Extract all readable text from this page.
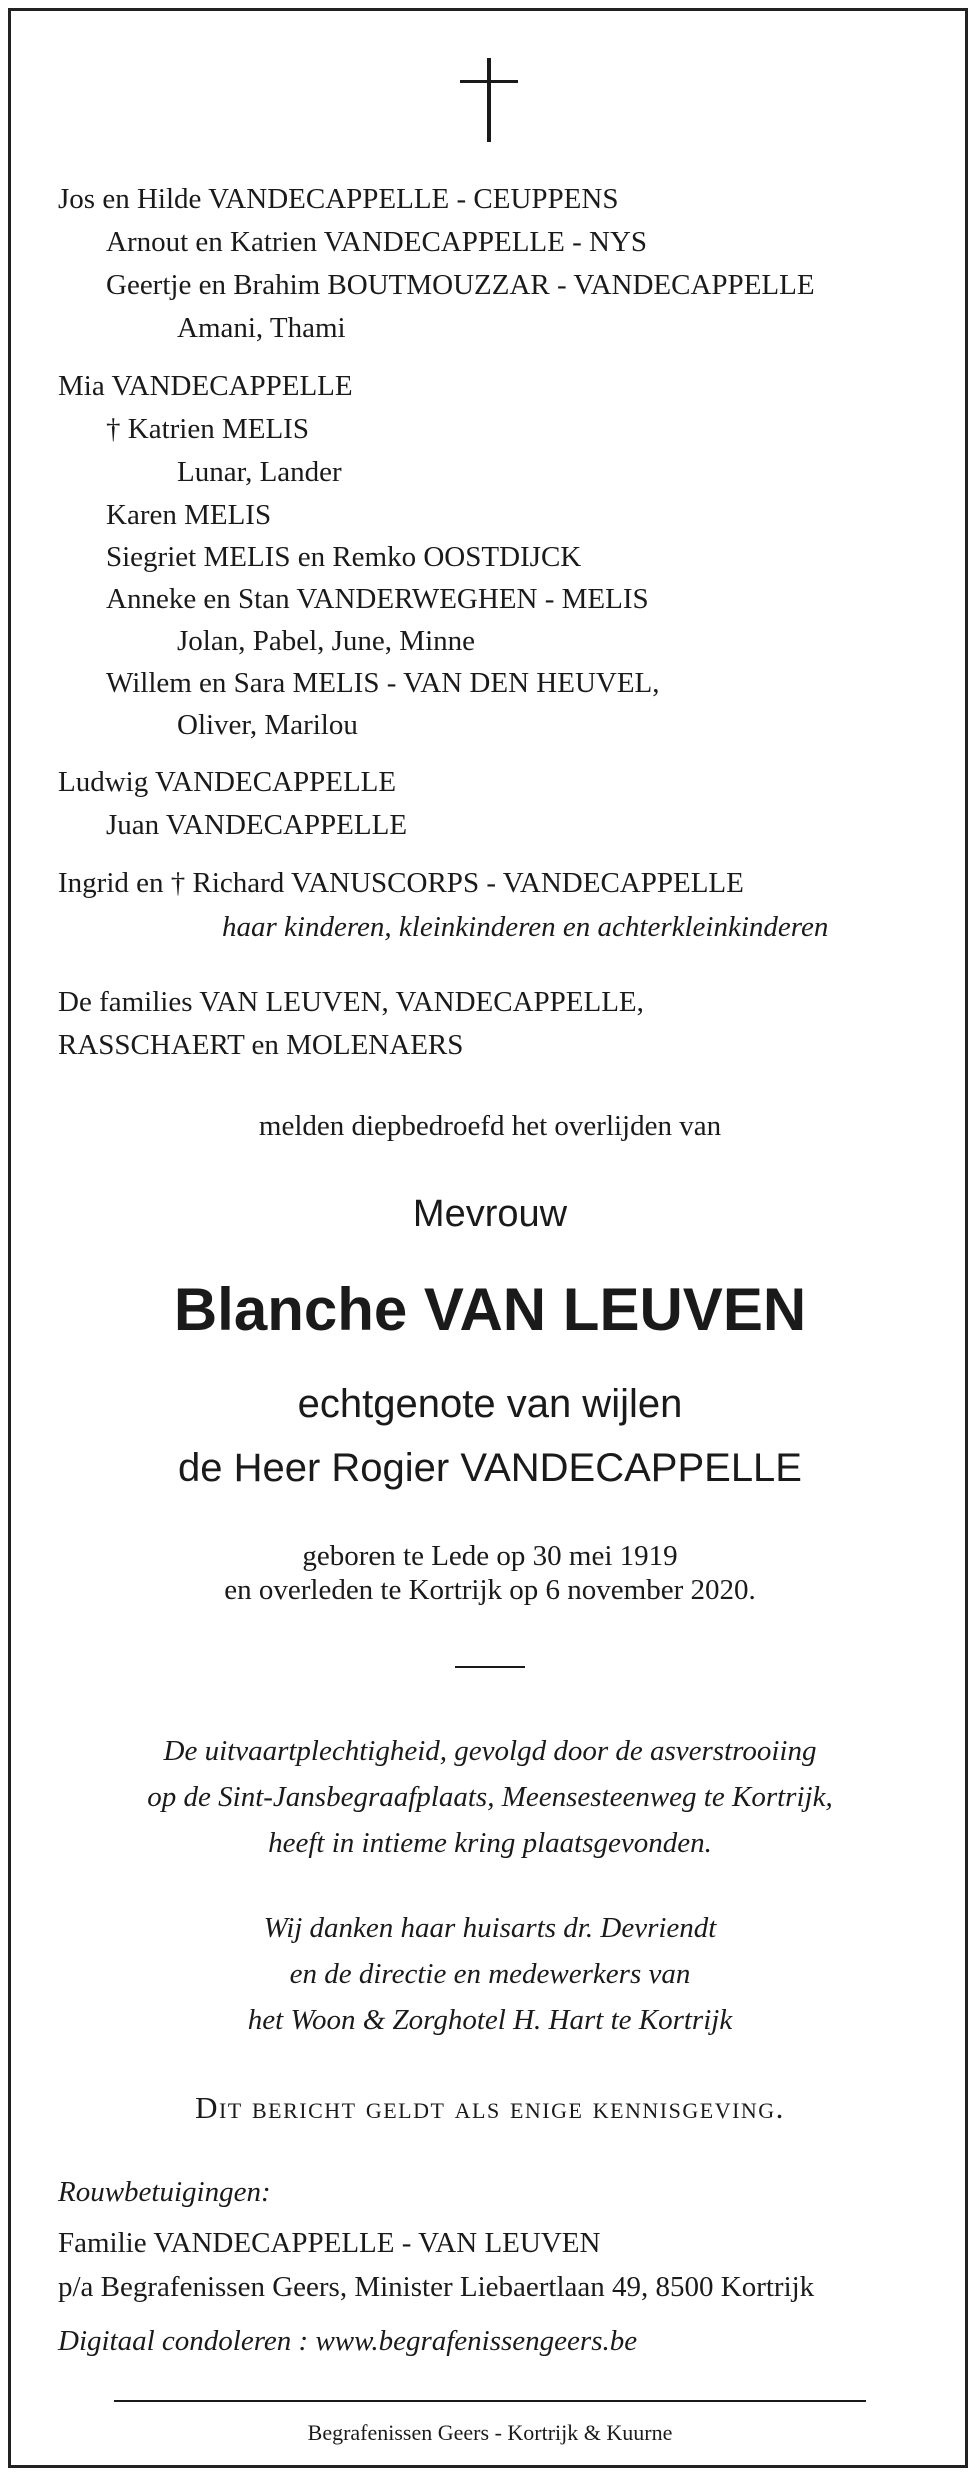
Jos en Hilde VANDECAPPELLE - CEUPPENS
Arnout en Katrien VANDECAPPELLE - NYS
Geertje en Brahim BOUTMOUZZAR - VANDECAPPELLE
Amani, Thami
Mia VANDECAPPELLE
† Katrien MELIS
Lunar, Lander
Karen MELIS
Siegriet MELIS en Remko OOSTDIJCK
Anneke en Stan VANDERWEGHEN - MELIS
Jolan, Pabel, June, Minne
Willem en Sara MELIS - VAN DEN HEUVEL,
Oliver, Marilou
Ludwig VANDECAPPELLE
Juan VANDECAPPELLE
Ingrid en † Richard VANUSCORPS - VANDECAPPELLE
haar kinderen, kleinkinderen en achterkleinkinderen
De families VAN LEUVEN, VANDECAPPELLE,
RASSCHAERT en MOLENAERS
melden diepbedroefd het overlijden van
Mevrouw
Blanche VAN LEUVEN
echtgenote van wijlen
de Heer Rogier VANDECAPPELLE
geboren te Lede op 30 mei 1919
en overleden te Kortrijk op 6 november 2020.
De uitvaartplechtigheid, gevolgd door de asverstrooiing
op de Sint-Jansbegraafplaats, Meensesteenweg te Kortrijk,
heeft in intieme kring plaatsgevonden.
Wij danken haar huisarts dr. Devriendt
en de directie en medewerkers van
het Woon & Zorghotel H. Hart te Kortrijk
Dit bericht geldt als enige kennisgeving.
Rouwbetuigingen:
Familie VANDECAPPELLE - VAN LEUVEN
p/a Begrafenissen Geers, Minister Liebaertlaan 49, 8500 Kortrijk
Digitaal condoleren : www.begrafenissengeers.be
Begrafenissen Geers - Kortrijk & Kuurne
